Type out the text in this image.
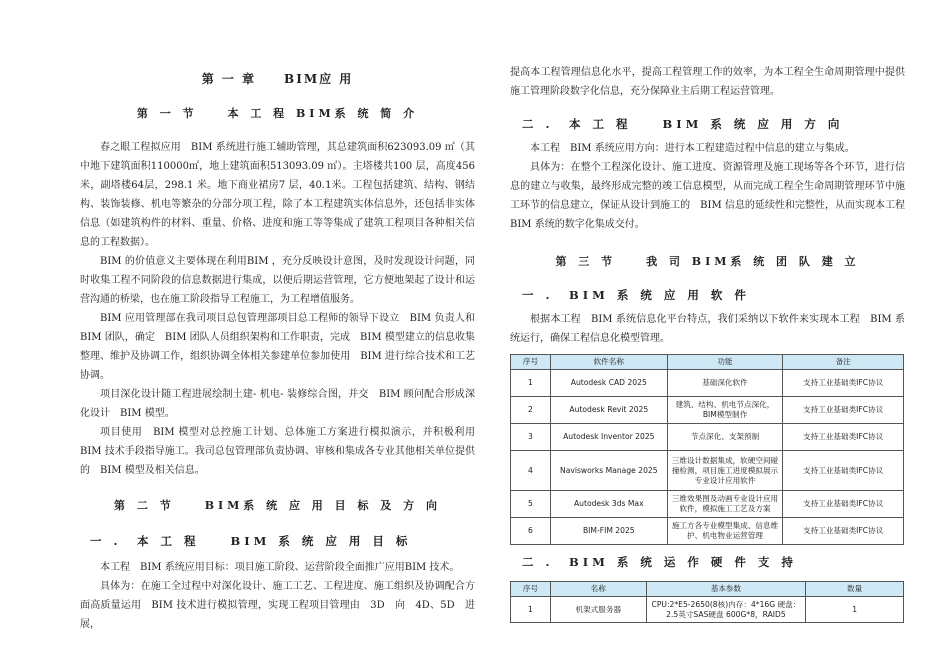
第 一 章　　BIM应 用
第 一 节　　本 工 程 BIM系 统 简 介

春之眼工程拟应用　BIM 系统进行施工辅助管理，其总建筑面积623093.09 ㎡（其中地下建筑面积110000㎡，地上建筑面积513093.09 ㎡）。主塔楼共100 层，高度456 米，副塔楼64层，298.1 米。地下商业裙房7 层，40.1米。工程包括建筑、结构、钢结构、装饰装修、机电等繁杂的分部分项工程，除了本工程建筑实体信息外，还包括非实体信息（如建筑构件的材料、重量、价格、进度和施工等等集成了建筑工程项目各种相关信息的工程数据）。

BIM 的价值意义主要体现在利用BIM ，充分反映设计意图，及时发现设计问题，同时收集工程不同阶段的信息数据进行集成，以便后期运营管理，它方便地架起了设计和运营沟通的桥梁，也在施工阶段指导工程施工，为工程增值服务。

BIM 应用管理部在我司项目总包管理部项目总工程师的领导下设立　BIM 负责人和BIM 团队，确定　BIM 团队人员组织架构和工作职责，完成　BIM 模型建立的信息收集整理、维护及协调工作，组织协调全体相关参建单位参加使用　BIM 进行综合技术和工艺协调。

项目深化设计随工程进展绘制土建- 机电- 装修综合图，并交　BIM 顾问配合形成深化设计　BIM 模型。

项目使用　BIM 模型对总控施工计划、总体施工方案进行模拟演示，并积极利用　BIM 技术手段指导施工。我司总包管理部负责协调、审核和集成各专业其他相关单位提供的　BIM 模型及相关信息。

第 二 节　　BIM系 统 应 用 目 标 及 方 向
一 .　本 工 程　　BIM 系 统 应 用 目 标

本工程　BIM 系统应用目标：项目施工阶段、运营阶段全面推广应用BIM 技术。

具体为：在施工全过程中对深化设计、施工工艺、工程进度、施工组织及协调配合方面高质量运用　BIM 技术进行模拟管理，实现工程项目管理由　3D　向　4D、5D　进展，

提高本工程管理信息化水平，提高工程管理工作的效率，为本工程全生命周期管理中提供施工管理阶段数字化信息，充分保障业主后期工程运营管理。

二 .　本 工 程　　BIM 系 统 应 用 方 向

本工程　BIM 系统应用方向：进行本工程建造过程中信息的建立与集成。

具体为：在整个工程深化设计、施工进度、资源管理及施工现场等各个环节，进行信息的建立与收集，最终形成完整的竣工信息模型，从而完成工程全生命周期管理环节中施工环节的信息建立，保证从设计到施工的　BIM 信息的延续性和完整性，从而实现本工程BIM 系统的数字化集成交付。

第 三 节　　我 司 BIM系 统 团 队 建 立
一 .　BIM 系 统 应 用 软 件

根据本工程　BIM 系统信息化平台特点，我们采纳以下软件来实现本工程　BIM 系统运行，确保工程信息化模型管理。

序号	软件名称	功能	备注
1	Autodesk CAD 2025	基础深化软件	支持工业基础类IFC协议
2	Autodesk Revit 2025	建筑、结构、机电节点深化，BIM模型制作	支持工业基础类IFC协议
3	Autodesk Inventor 2025	节点深化、支架预制	支持工业基础类IFC协议
4	Navisworks Manage 2025	三维设计数据集成，软硬空间碰撞检测，项目施工进度模拟展示专业设计应用软件	支持工业基础类IFC协议
5	Autodesk 3ds Max	三维效果图及动画专业设计应用软件，模拟施工工艺及方案	支持工业基础类IFC协议
6	BIM-FIM 2025	施工方各专业模型集成、信息维护、机电物业运营管理	支持工业基础类IFC协议
二 .　BIM 系 统 运 作 硬 件 支 持
序号	名称	基本参数	数量
1	机架式服务器	CPU:2*E5-2650(8核)内存：4*16G 硬盘：2.5英寸SAS硬盘 600G*8，RAID5	1
